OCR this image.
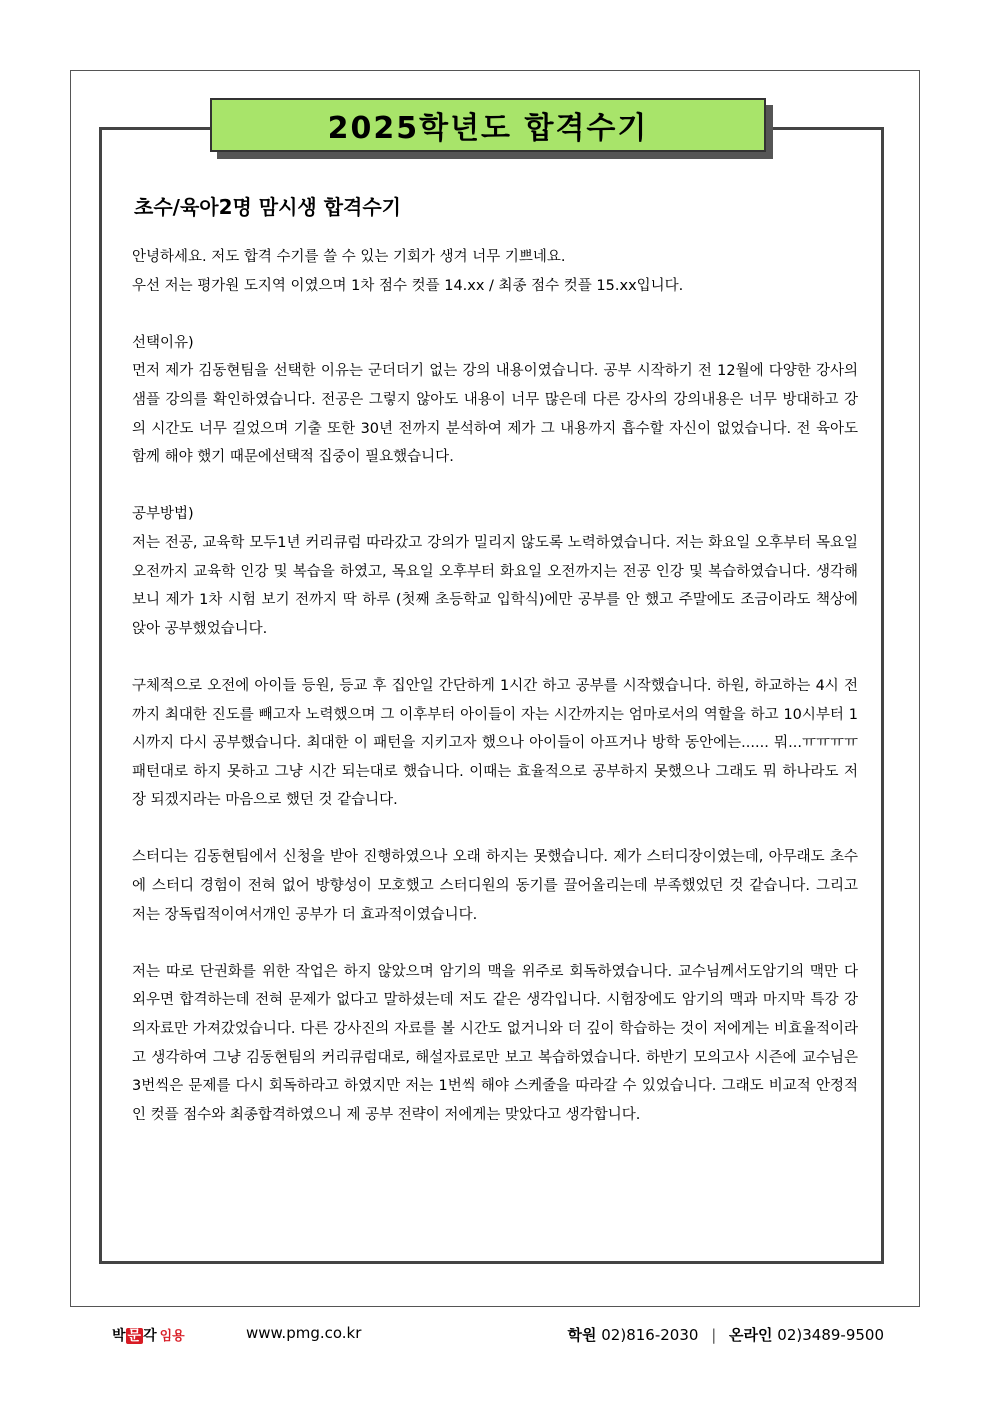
2025학년도 합격수기
초수/육아2명 맘시생 합격수기

안녕하세요. 저도 합격 수기를 쓸 수 있는 기회가 생겨 너무 기쁘네요.

우선 저는 평가원 도지역 이였으며 1차 점수 컷플 14.xx / 최종 점수 컷플 15.xx입니다.

선택이유)

먼저 제가 김동현팀을 선택한 이유는 군더더기 없는 강의 내용이였습니다. 공부 시작하기 전 12월에 다양한 강사의 샘플 강의를 확인하였습니다. 전공은 그렇지 않아도 내용이 너무 많은데 다른 강사의 강의내용은 너무 방대하고 강의 시간도 너무 길었으며 기출 또한 30년 전까지 분석하여 제가 그 내용까지 흡수할 자신이 없었습니다. 전 육아도 함께 해야 했기 때문에선택적 집중이 필요했습니다.

공부방법)

저는 전공, 교육학 모두1년 커리큐럼 따라갔고 강의가 밀리지 않도록 노력하였습니다. 저는 화요일 오후부터 목요일 오전까지 교육학 인강 및 복습을 하였고, 목요일 오후부터 화요일 오전까지는 전공 인강 및 복습하였습니다. 생각해 보니 제가 1차 시험 보기 전까지 딱 하루 (첫째 초등학교 입학식)에만 공부를 안 했고 주말에도 조금이라도 책상에 앉아 공부했었습니다.

구체적으로 오전에 아이들 등원, 등교 후 집안일 간단하게 1시간 하고 공부를 시작했습니다. 하원, 하교하는 4시 전까지 최대한 진도를 빼고자 노력했으며 그 이후부터 아이들이 자는 시간까지는 엄마로서의 역할을 하고 10시부터 1시까지 다시 공부했습니다. 최대한 이 패턴을 지키고자 했으나 아이들이 아프거나 방학 동안에는...... 뭐...ㅠㅠㅠㅠ 패턴대로 하지 못하고 그냥 시간 되는대로 했습니다. 이때는 효율적으로 공부하지 못했으나 그래도 뭐 하나라도 저장 되겠지라는 마음으로 했던 것 같습니다.

스터디는 김동현팀에서 신청을 받아 진행하였으나 오래 하지는 못했습니다. 제가 스터디장이였는데, 아무래도 초수에 스터디 경험이 전혀 없어 방향성이 모호했고 스터디원의 동기를 끌어올리는데 부족했었던 것 같습니다. 그리고 저는 장독립적이여서개인 공부가 더 효과적이였습니다.

저는 따로 단권화를 위한 작업은 하지 않았으며 암기의 맥을 위주로 회독하였습니다. 교수님께서도암기의 맥만 다 외우면 합격하는데 전혀 문제가 없다고 말하셨는데 저도 같은 생각입니다. 시험장에도 암기의 맥과 마지막 특강 강의자료만 가져갔었습니다. 다른 강사진의 자료를 볼 시간도 없거니와 더 깊이 학습하는 것이 저에게는 비효율적이라고 생각하여 그냥 김동현팀의 커리큐럼대로, 해설자료로만 보고 복습하였습니다. 하반기 모의고사 시즌에 교수님은 3번씩은 문제를 다시 회독하라고 하였지만 저는 1번씩 해야 스케줄을 따라갈 수 있었습니다. 그래도 비교적 안정적인 컷플 점수와 최종합격하였으니 제 공부 전략이 저에게는 맞았다고 생각합니다.

박 문 각 임용	www.pmg.co.kr	학원 02)816-2030 | 온라인 02)3489-9500
